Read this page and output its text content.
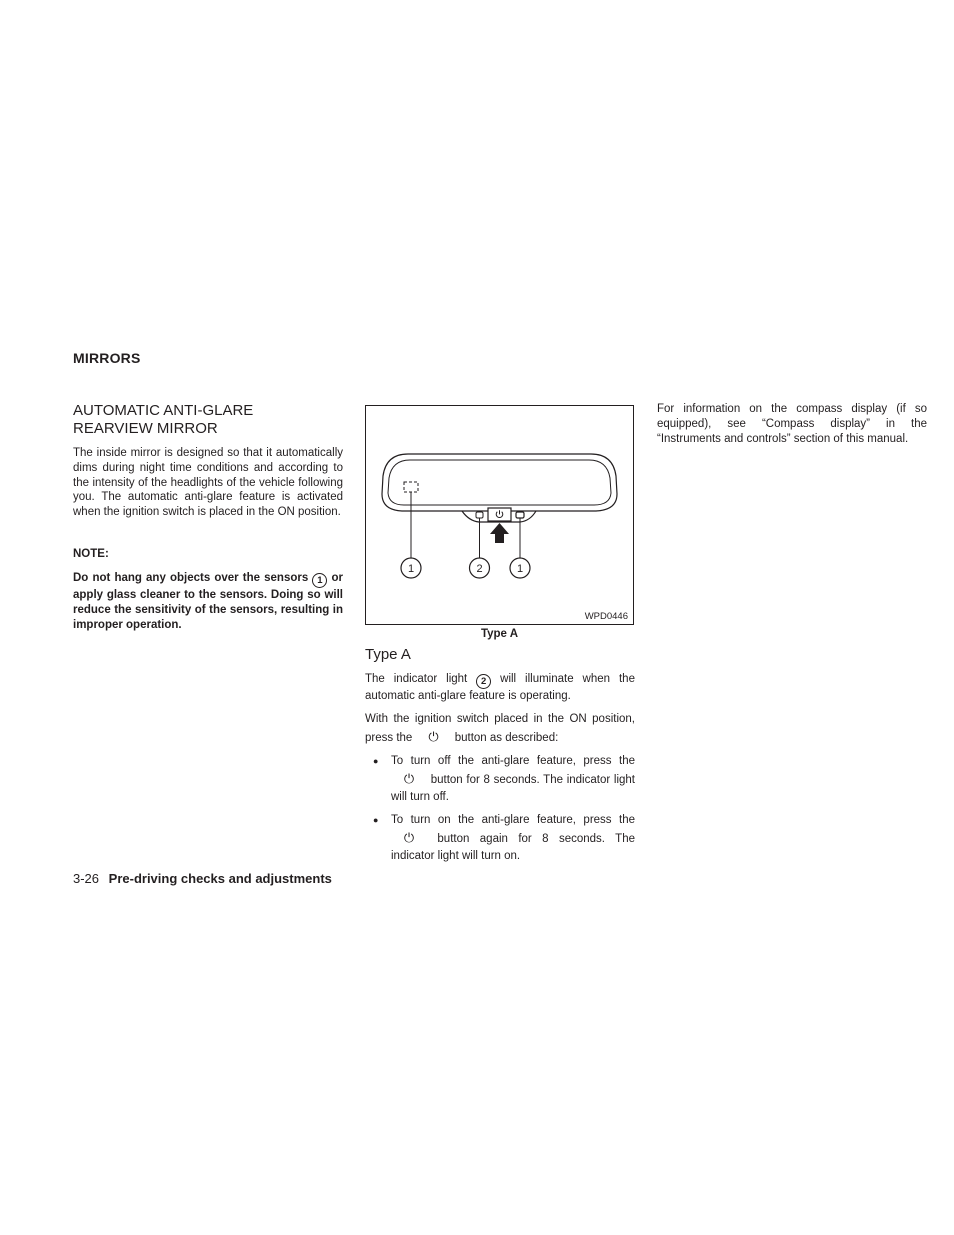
MIRRORS
AUTOMATIC ANTI-GLARE
REARVIEW MIRROR
The inside mirror is designed so that it automatically dims during night time conditions and according to the intensity of the headlights of the vehicle following you. The automatic anti-glare feature is activated when the ignition switch is placed in the ON position.
NOTE:
Do not hang any objects over the sensors 1 or apply glass cleaner to the sensors. Doing so will reduce the sensitivity of the sensors, resulting in improper operation.
1	2	1
WPD0446
Type A
Type A
The indicator light 2 will illuminate when the automatic anti-glare feature is operating.
With the ignition switch placed in the ON position, press the ⏻ button as described:
● To turn off the anti-glare feature, press the ⏻ button for 8 seconds. The indicator light will turn off.
● To turn on the anti-glare feature, press the ⏻ button again for 8 seconds. The indicator light will turn on.
For information on the compass display (if so equipped), see “Compass display” in the “Instruments and controls” section of this manual.
3-26 Pre-driving checks and adjustments
